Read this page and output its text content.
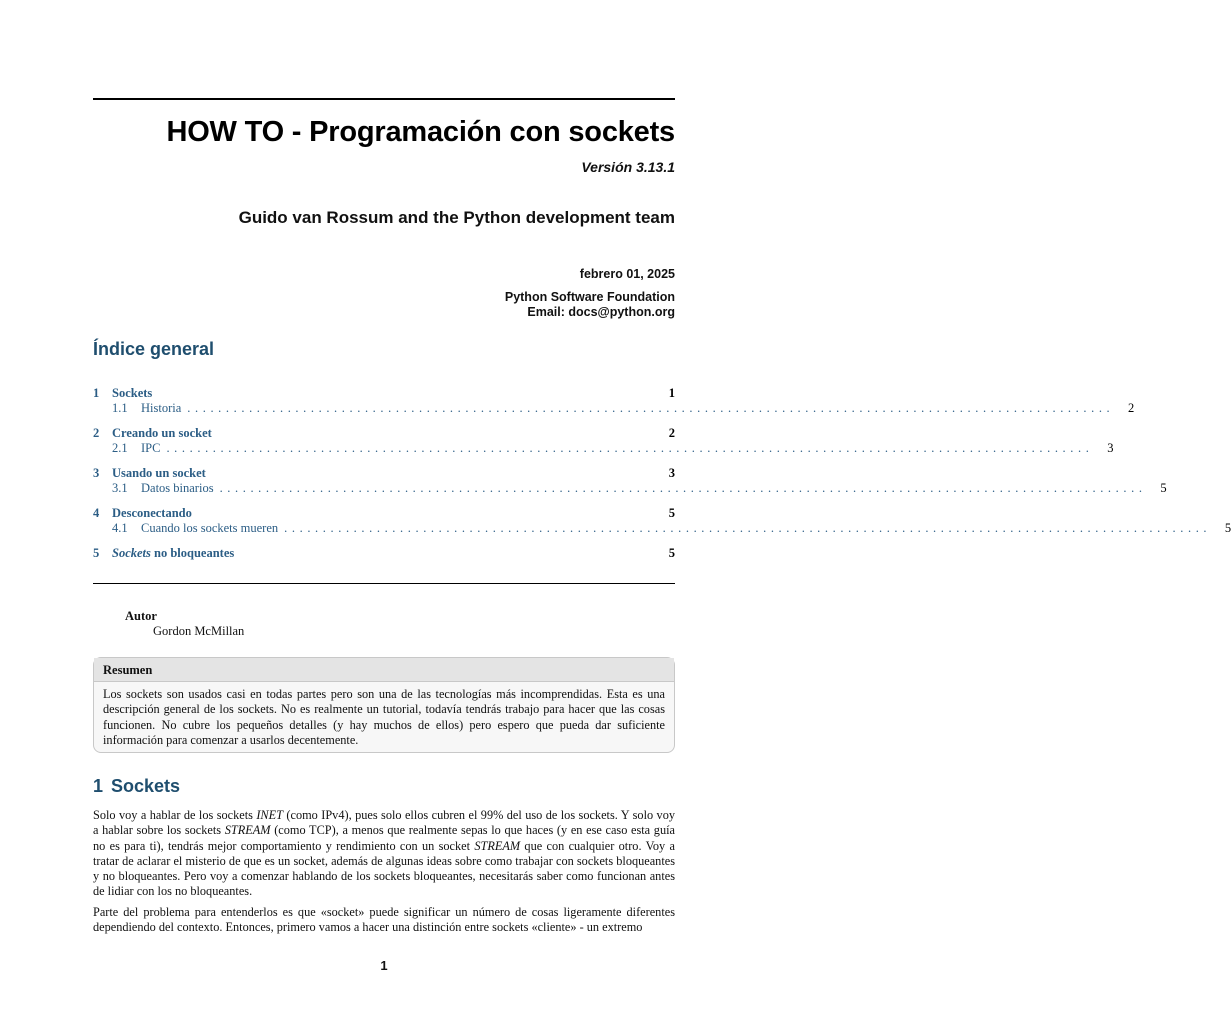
HOW TO - Programación con sockets
Versión 3.13.1
Guido van Rossum and the Python development team
febrero 01, 2025
Python Software Foundation
Email: docs@python.org
Índice general
1	Sockets	1
1.1	Historia ........................................................................................................................	2
2	Creando un socket	2
2.1	IPC ........................................................................................................................	3
3	Usando un socket	3
3.1	Datos binarios ........................................................................................................................	5
4	Desconectando	5
4.1	Cuando los sockets mueren ........................................................................................................................	5
5	Sockets no bloqueantes	5
Autor
Gordon McMillan
Resumen
Los sockets son usados casi en todas partes pero son una de las tecnologías más incomprendidas. Esta es una descripción general de los sockets. No es realmente un tutorial, todavía tendrás trabajo para hacer que las cosas funcionen. No cubre los pequeños detalles (y hay muchos de ellos) pero espero que pueda dar suficiente información para comenzar a usarlos decentemente.
1 Sockets
Solo voy a hablar de los sockets INET (como IPv4), pues solo ellos cubren el 99% del uso de los sockets. Y solo voy a hablar sobre los sockets STREAM (como TCP), a menos que realmente sepas lo que haces (y en ese caso esta guía no es para ti), tendrás mejor comportamiento y rendimiento con un socket STREAM que con cualquier otro. Voy a tratar de aclarar el misterio de que es un socket, además de algunas ideas sobre como trabajar con sockets bloqueantes y no bloqueantes. Pero voy a comenzar hablando de los sockets bloqueantes, necesitarás saber como funcionan antes de lidiar con los no bloqueantes.
Parte del problema para entenderlos es que «socket» puede significar un número de cosas ligeramente diferentes dependiendo del contexto. Entonces, primero vamos a hacer una distinción entre sockets «cliente» - un extremo
1
